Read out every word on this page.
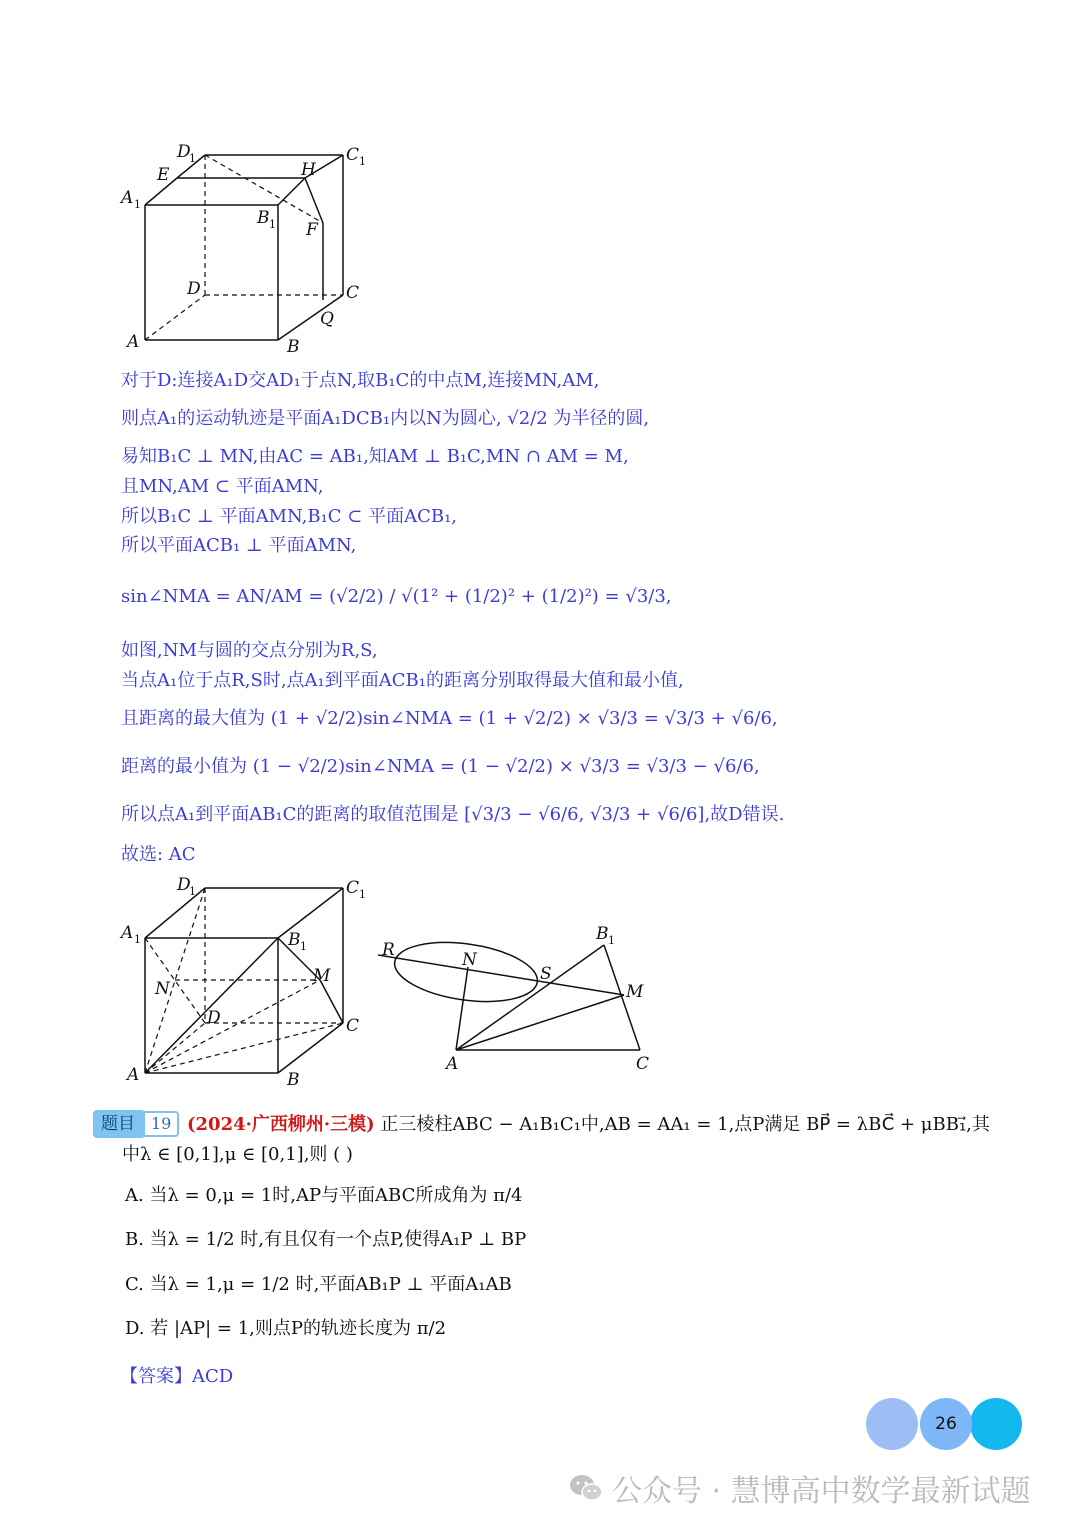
D
1	C 1
E	H
A 1
B 1 F
D	C
Q
A	B
对于D:连接A₁D交AD₁于点N,取B₁C的中点M,连接MN,AM,
则点A₁的运动轨迹是平面A₁DCB₁内以N为圆心, √2/2 为半径的圆,
易知B₁C ⊥ MN,由AC = AB₁,知AM ⊥ B₁C,MN ∩ AM = M,
且MN,AM ⊂ 平面AMN,
所以B₁C ⊥ 平面AMN,B₁C ⊂ 平面ACB₁,
所以平面ACB₁ ⊥ 平面AMN,
sin∠NMA = AN/AM = (√2/2) / √(1² + (1/2)² + (1/2)²) = √3/3,
如图,NM与圆的交点分别为R,S,
当点A₁位于点R,S时,点A₁到平面ACB₁的距离分别取得最大值和最小值,
且距离的最大值为 (1 + √2/2)sin∠NMA = (1 + √2/2) × √3/3 = √3/3 + √6/6,
距离的最小值为 (1 − √2/2)sin∠NMA = (1 − √2/2) × √3/3 = √3/3 − √6/6,
所以点A₁到平面AB₁C的距离的取值范围是 [√3/3 − √6/6, √3/3 + √6/6],故D错误.
故选: AC
D
1	C 1
A 1	B 1
M
N
D	C
A	B
B 1
R	N
S
M
A	C
题目	19 (2024·广西柳州·三模) 正三棱柱ABC − A₁B₁C₁中,AB = AA₁ = 1,点P满足 BP⃗ = λBC⃗ + μBB₁⃗,其
中λ ∈ [0,1],μ ∈ [0,1],则 ( )
A. 当λ = 0,μ = 1时,AP与平面ABC所成角为 π/4
B. 当λ = 1/2 时,有且仅有一个点P,使得A₁P ⊥ BP
C. 当λ = 1,μ = 1/2 时,平面AB₁P ⊥ 平面A₁AB
D. 若 |AP| = 1,则点P的轨迹长度为 π/2
【答案】ACD
26
公众号 · 慧博高中数学最新试题
